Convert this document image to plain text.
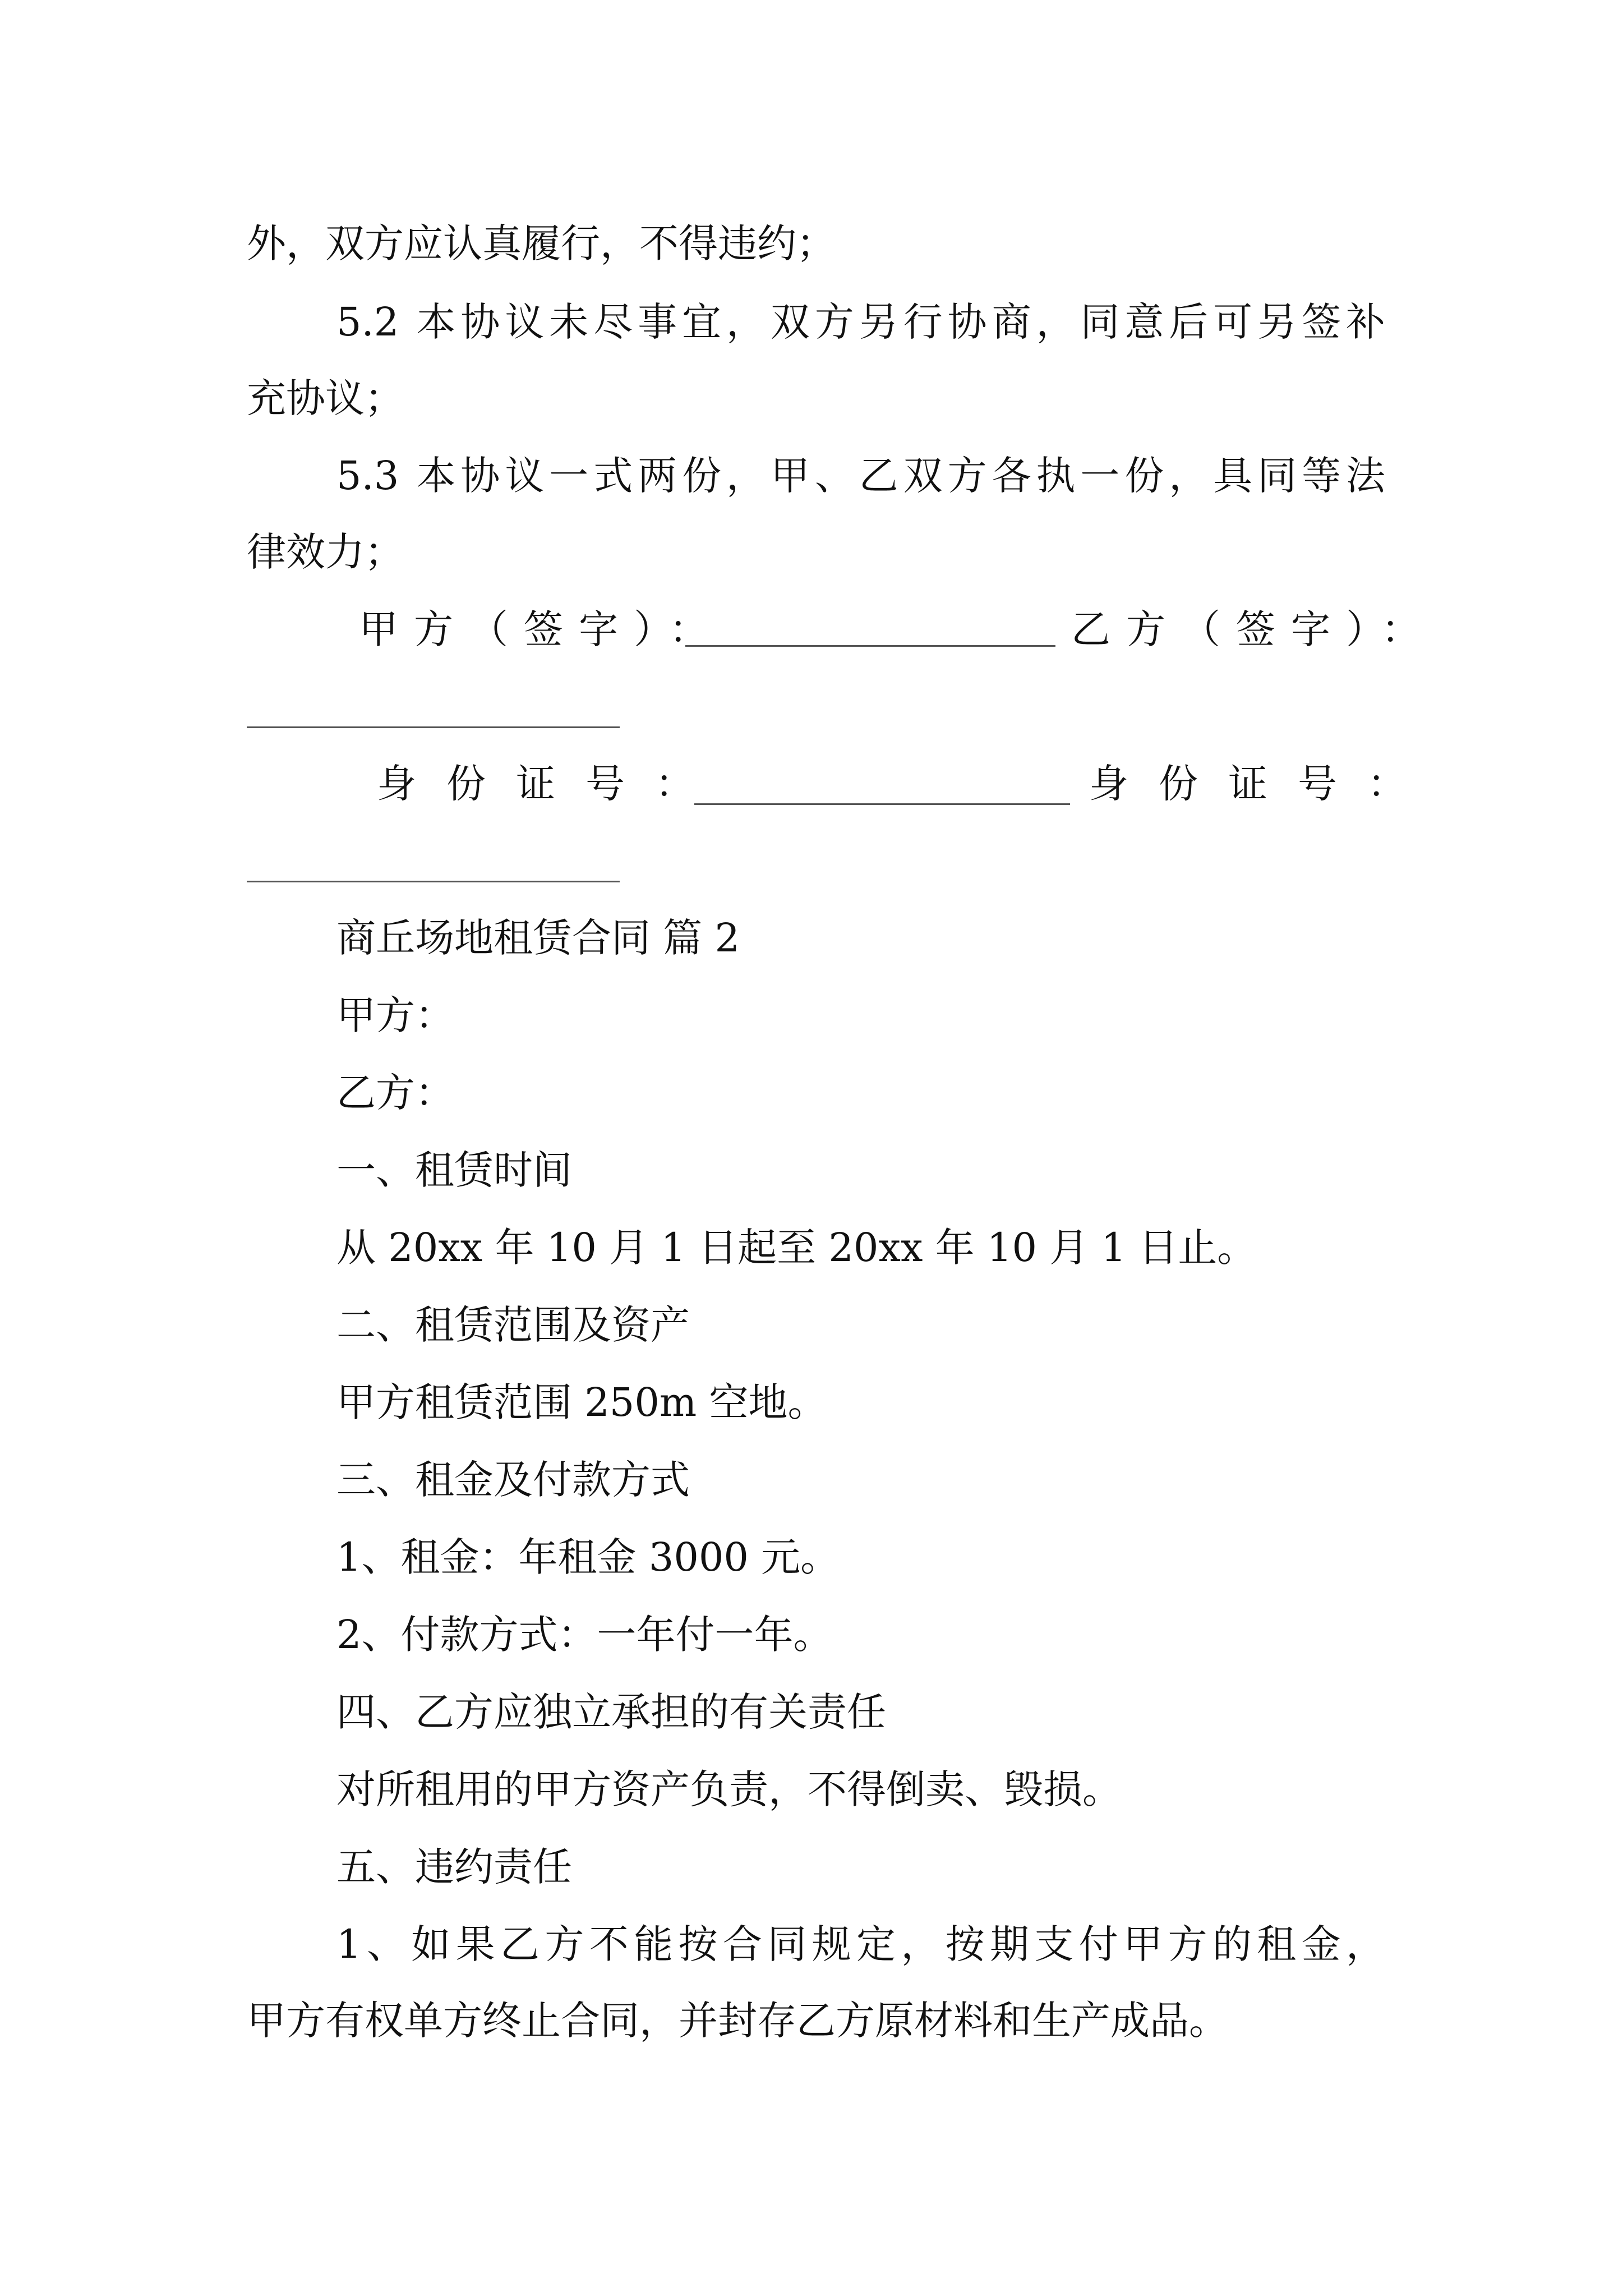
外，双方应认真履行，不得违约；
5.2 本协议未尽事宜，双方另行协商，同意后可另签补
充协议；
5.3 本协议一式两份，甲、乙双方各执一份，具同等法
律效力；
甲方（签字）：	乙方（签字）：
身份证号：	身份证号：
商丘场地租赁合同 篇 2
甲方：
乙方：
一、租赁时间
从 20xx 年 10 月 1 日起至 20xx 年 10 月 1 日止。
二、租赁范围及资产
甲方租赁范围 250m 空地。
三、租金及付款方式
1、租金：年租金 3000 元。
2、付款方式：一年付一年。
四、乙方应独立承担的有关责任
对所租用的甲方资产负责，不得倒卖、毁损。
五、违约责任
1、如果乙方不能按合同规定，按期支付甲方的租金，
甲方有权单方终止合同，并封存乙方原材料和生产成品。
